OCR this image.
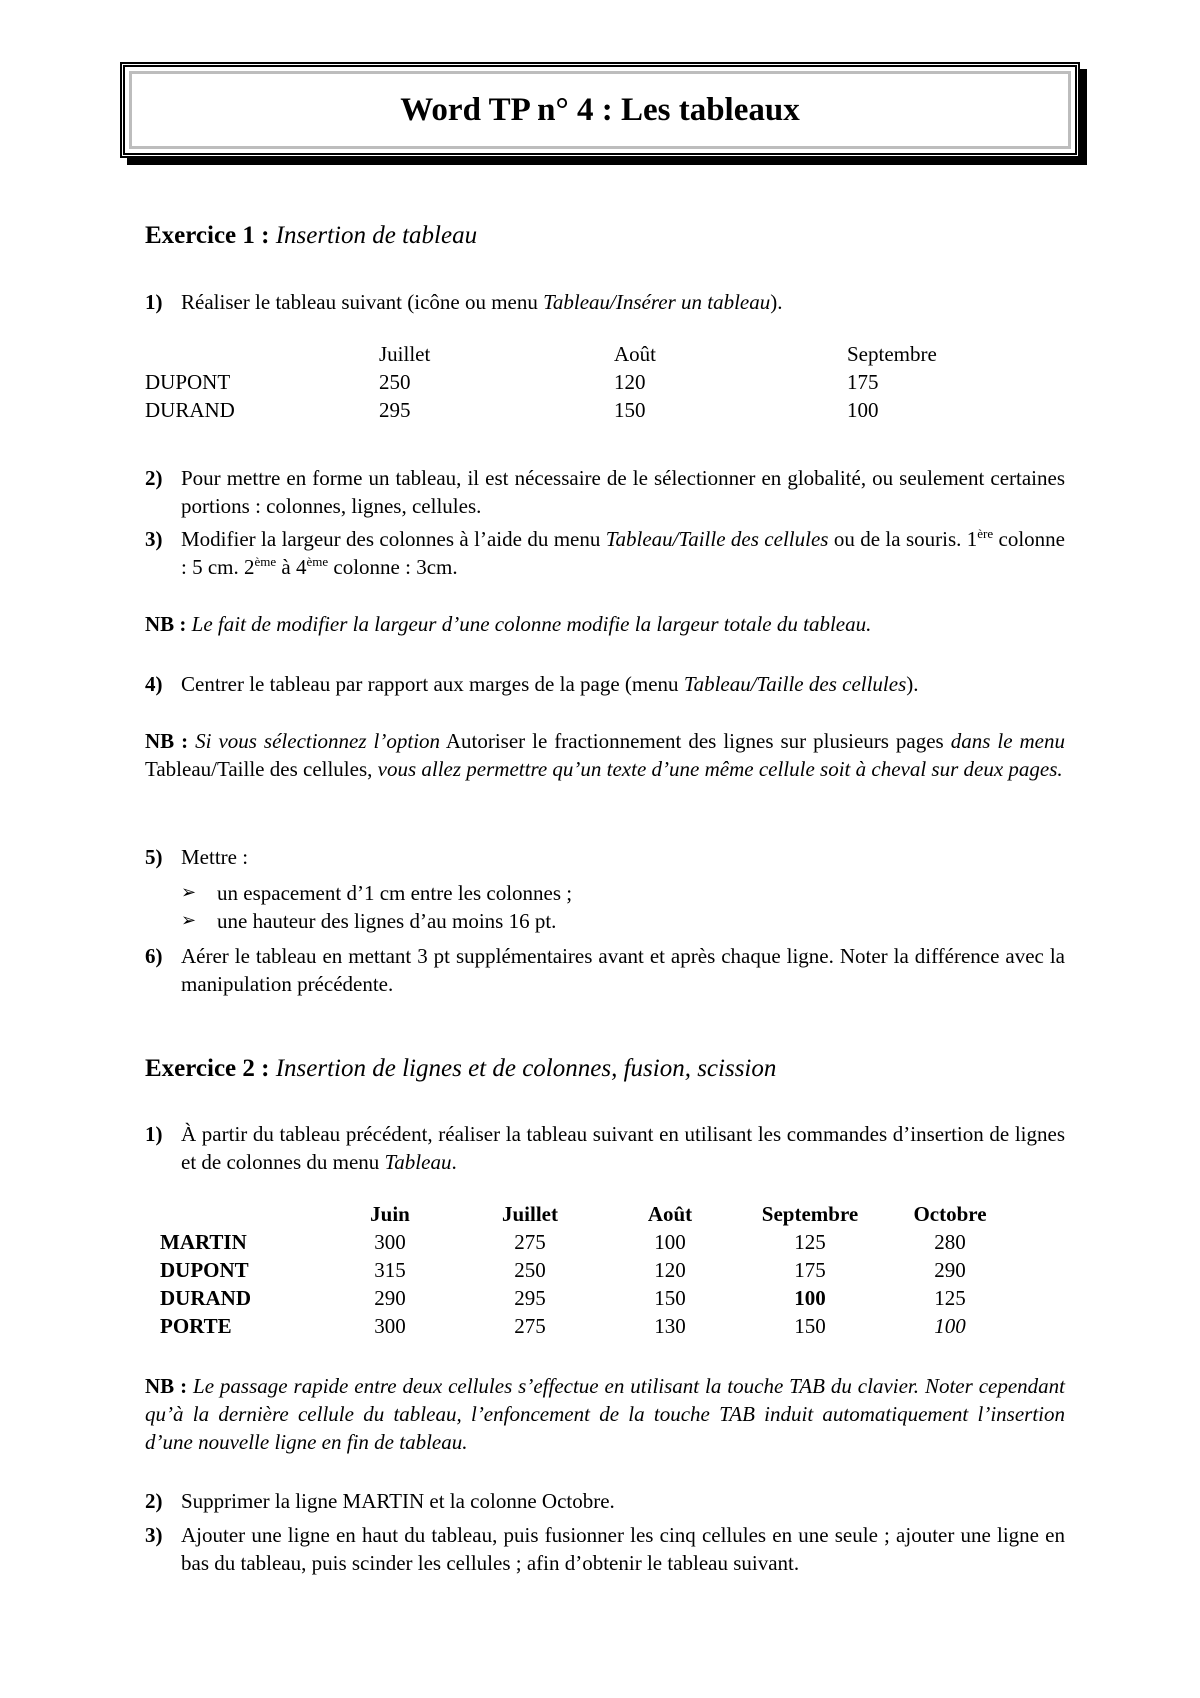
Word TP n° 4 : Les tableaux
Exercice 1 : Insertion de tableau
1) Réaliser le tableau suivant (icône ou menu Tableau/Insérer un tableau).
	Juillet	Août	Septembre
DUPONT	250	120	175
DURAND	295	150	100
2) Pour mettre en forme un tableau, il est nécessaire de le sélectionner en globalité, ou seulement certaines portions : colonnes, lignes, cellules.
3) Modifier la largeur des colonnes à l’aide du menu Tableau/Taille des cellules ou de la souris. 1ère colonne : 5 cm. 2ème à 4ème colonne : 3cm.
NB : Le fait de modifier la largeur d’une colonne modifie la largeur totale du tableau.
4) Centrer le tableau par rapport aux marges de la page (menu Tableau/Taille des cellules).
NB : Si vous sélectionnez l’option Autoriser le fractionnement des lignes sur plusieurs pages dans le menu Tableau/Taille des cellules, vous allez permettre qu’un texte d’une même cellule soit à cheval sur deux pages.
5) Mettre :
➢ un espacement d’1 cm entre les colonnes ;
➢ une hauteur des lignes d’au moins 16 pt.
6) Aérer le tableau en mettant 3 pt supplémentaires avant et après chaque ligne. Noter la différence avec la manipulation précédente.
Exercice 2 : Insertion de lignes et de colonnes, fusion, scission
1) À partir du tableau précédent, réaliser la tableau suivant en utilisant les commandes d’insertion de lignes et de colonnes du menu Tableau.
	Juin	Juillet	Août	Septembre	Octobre
MARTIN	300	275	100	125	280
DUPONT	315	250	120	175	290
DURAND	290	295	150	100	125
PORTE	300	275	130	150	100
NB : Le passage rapide entre deux cellules s’effectue en utilisant la touche TAB du clavier. Noter cependant qu’à la dernière cellule du tableau, l’enfoncement de la touche TAB induit automatiquement l’insertion d’une nouvelle ligne en fin de tableau.
2) Supprimer la ligne MARTIN et la colonne Octobre.
3) Ajouter une ligne en haut du tableau, puis fusionner les cinq cellules en une seule ; ajouter une ligne en bas du tableau, puis scinder les cellules ; afin d’obtenir le tableau suivant.
